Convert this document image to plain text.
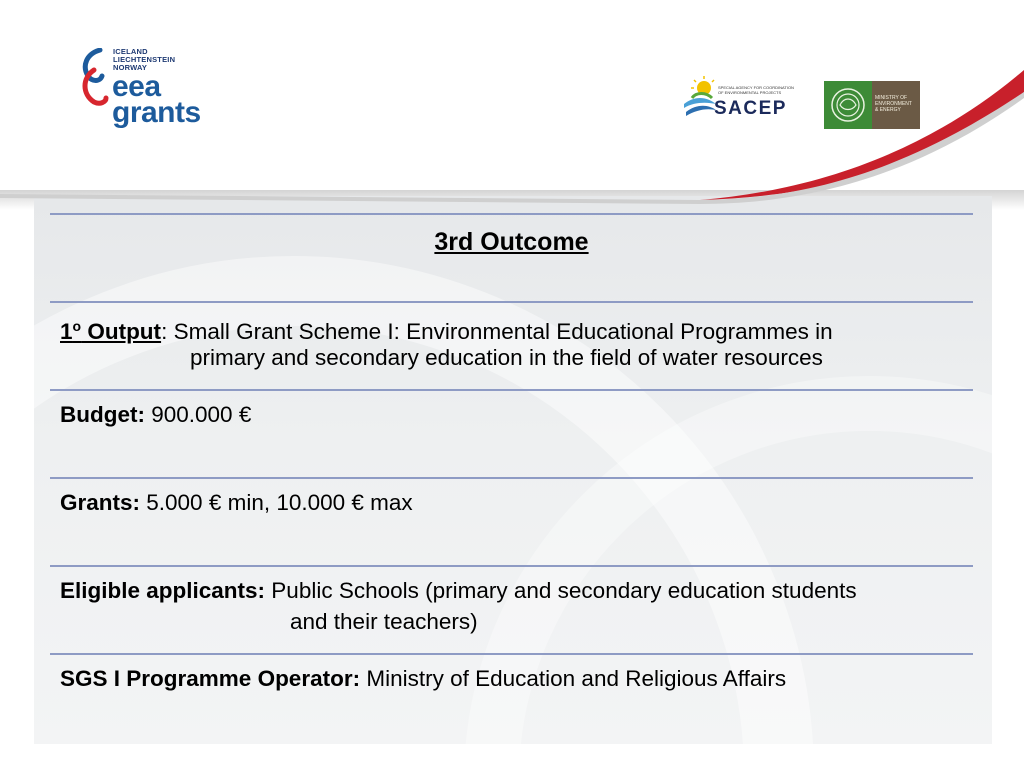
ICELAND
LIECHTENSTEIN
NORWAY
eea
grants
SPECIAL AGENCY FOR COORDINATION
OF ENVIRONMENTAL PROJECTS
SACEP	MINISTRY OF
ENVIRONMENT
& ENERGY
3rd Outcome
1$^o$ Output: Small Grant Scheme I: Environmental Educational Programmes in
primary and secondary education in the field of water resources
Budget: 900.000 €
Grants: 5.000 € min, 10.000 € max
Eligible applicants: Public Schools (primary and secondary education students
and their teachers)
SGS I Programme Operator: Ministry of Education and Religious Affairs
